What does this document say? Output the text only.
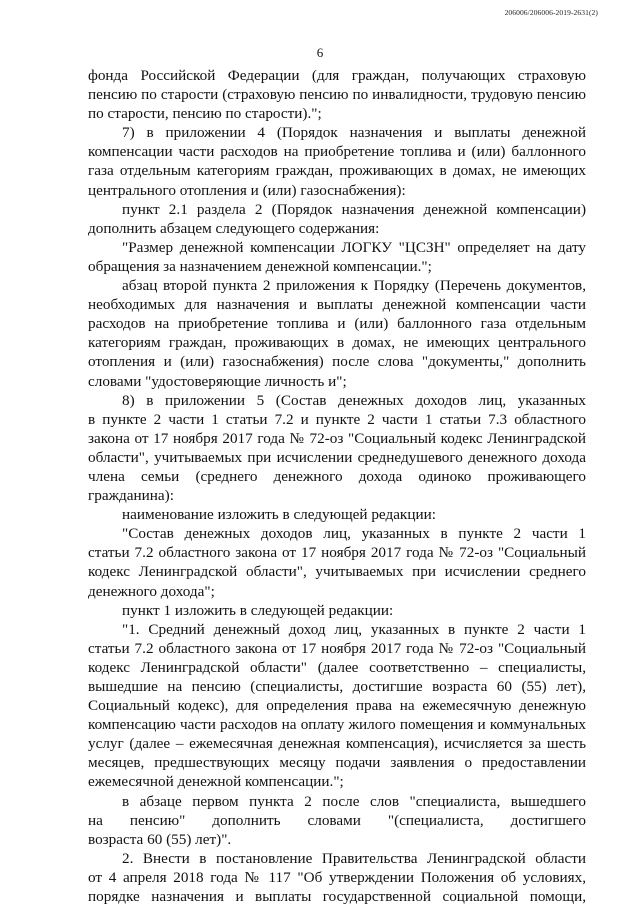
206006/206006-2019-2631(2)
6
фонда Российской Федерации (для граждан, получающих страховую
пенсию по старости (страховую пенсию по инвалидности, трудовую пенсию
по старости, пенсию по старости).";
7) в приложении 4 (Порядок назначения и выплаты денежной
компенсации части расходов на приобретение топлива и (или) баллонного
газа отдельным категориям граждан, проживающих в домах, не имеющих
центрального отопления и (или) газоснабжения):
пункт 2.1 раздела 2 (Порядок назначения денежной компенсации)
дополнить абзацем следующего содержания:
"Размер денежной компенсации ЛОГКУ "ЦСЗН" определяет на дату
обращения за назначением денежной компенсации.";
абзац второй пункта 2 приложения к Порядку (Перечень документов,
необходимых для назначения и выплаты денежной компенсации части
расходов на приобретение топлива и (или) баллонного газа отдельным
категориям граждан, проживающих в домах, не имеющих центрального
отопления и (или) газоснабжения) после слова "документы," дополнить
словами "удостоверяющие личность и";
8) в приложении 5 (Состав денежных доходов лиц, указанных
в пункте 2 части 1 статьи 7.2 и пункте 2 части 1 статьи 7.3 областного
закона от 17 ноября 2017 года № 72-оз "Социальный кодекс Ленинградской
области", учитываемых при исчислении среднедушевого денежного дохода
члена семьи (среднего денежного дохода одиноко проживающего
гражданина):
наименование изложить в следующей редакции:
"Состав денежных доходов лиц, указанных в пункте 2 части 1
статьи 7.2 областного закона от 17 ноября 2017 года № 72-оз "Социальный
кодекс Ленинградской области", учитываемых при исчислении среднего
денежного дохода";
пункт 1 изложить в следующей редакции:
"1. Средний денежный доход лиц, указанных в пункте 2 части 1
статьи 7.2 областного закона от 17 ноября 2017 года № 72-оз "Социальный
кодекс Ленинградской области" (далее соответственно – специалисты,
вышедшие на пенсию (специалисты, достигшие возраста 60 (55) лет),
Социальный кодекс), для определения права на ежемесячную денежную
компенсацию части расходов на оплату жилого помещения и коммунальных
услуг (далее – ежемесячная денежная компенсация), исчисляется за шесть
месяцев, предшествующих месяцу подачи заявления о предоставлении
ежемесячной денежной компенсации.";
в абзаце первом пункта 2 после слов "специалиста, вышедшего
на пенсию" дополнить словами "(специалиста, достигшего
возраста 60 (55) лет)".
2. Внести в постановление Правительства Ленинградской области
от 4 апреля 2018 года № 117 "Об утверждении Положения об условиях,
порядке назначения и выплаты государственной социальной помощи,
